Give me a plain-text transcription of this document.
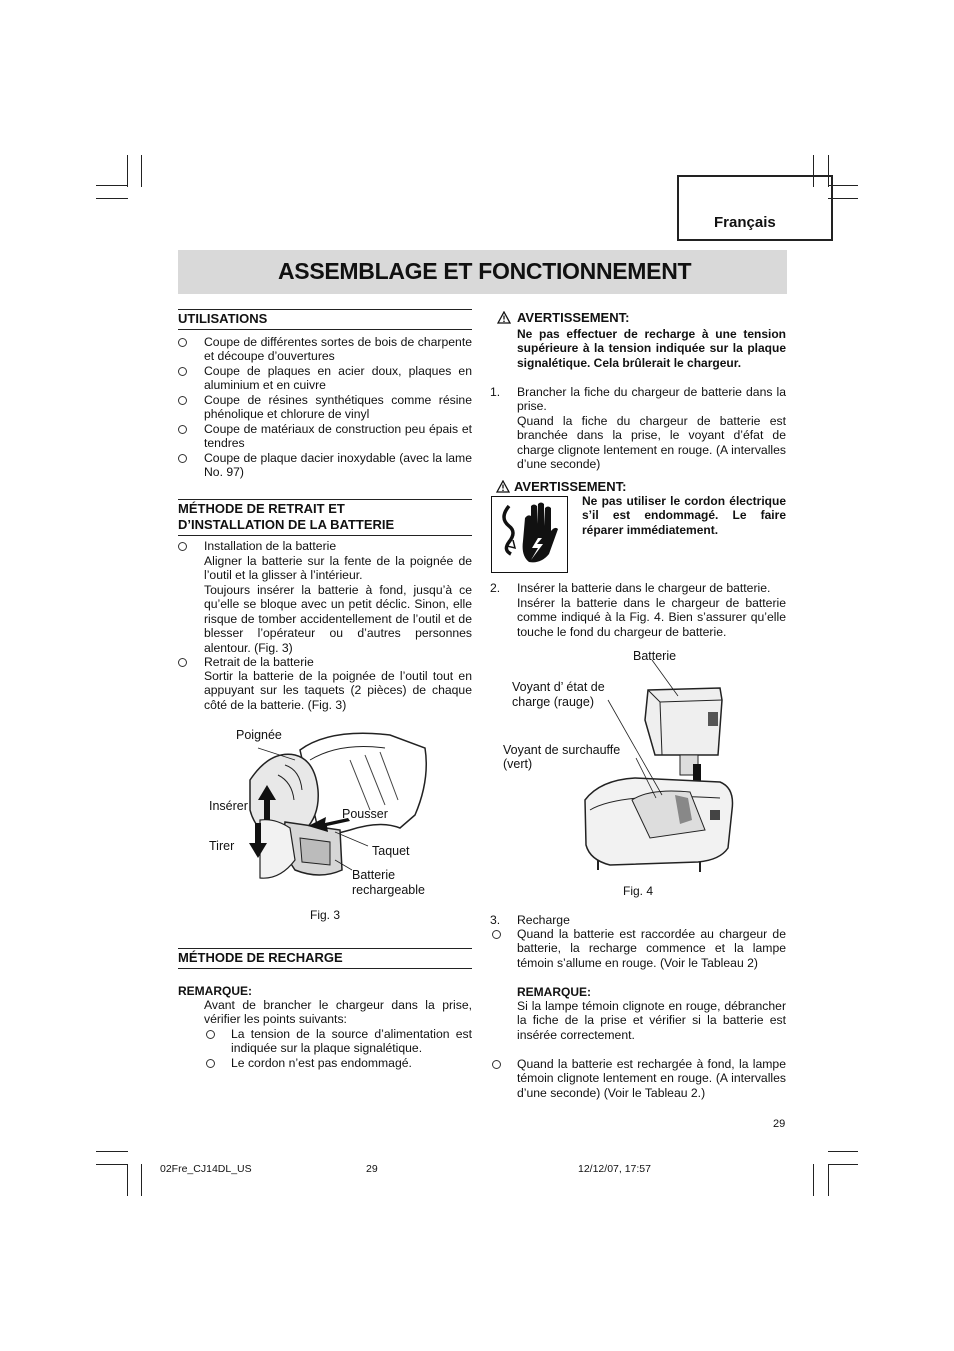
Français
ASSEMBLAGE ET FONCTIONNEMENT
UTILISATIONS
Coupe de différentes sortes de bois de charpente et découpe d’ouvertures
Coupe de plaques en acier doux, plaques en aluminium et en cuivre
Coupe de résines synthétiques comme résine phénolique et chlorure de vinyl
Coupe de matériaux de construction peu épais et tendres
Coupe de plaque dacier inoxydable (avec la lame No. 97)
MÉTHODE DE RETRAIT ET
D’INSTALLATION DE LA BATTERIE
Installation de la batterie
Aligner la batterie sur la fente de la poignée de l’outil et la glisser à l’intérieur.
Toujours insérer la batterie à fond, jusqu’à ce qu’elle se bloque avec un petit déclic. Sinon, elle risque de tomber accidentellement de l’outil et de blesser l’opérateur ou d’autres personnes alentour. (Fig. 3)
Retrait de la batterie
Sortir la batterie de la poignée de l’outil tout en appuyant sur les taquets (2 pièces) de chaque côté de la batterie. (Fig. 3)
Poignée
Insérer
Pousser
Tirer	Taquet
Batterie
rechargeable
Fig. 3
MÉTHODE DE RECHARGE
REMARQUE:
Avant de brancher le chargeur dans la prise, vérifier les points suivants:
La tension de la source d’alimentation est indiquée sur la plaque signalétique.
Le cordon n’est pas endommagé.
AVERTISSEMENT:
Ne pas effectuer de recharge à une tension supérieure à la tension indiquée sur la plaque signalétique. Cela brûlerait le chargeur.
1. Brancher la fiche du chargeur de batterie dans la prise.
Quand la fiche du chargeur de batterie est branchée dans la prise, le voyant d’éfat de charge clignote lentement en rouge. (A intervalles d’une seconde)
AVERTISSEMENT:
Ne pas utiliser le cordon électrique s’il est endommagé. Le faire réparer immédiatement.
2. Insérer la batterie dans le chargeur de batterie.
Insérer la batterie dans le chargeur de batterie comme indiqué à la Fig. 4. Bien s’assurer qu’elle touche le fond du chargeur de batterie.
Batterie
Voyant d’ état de
charge (rauge)
Voyant de surchauffe
(vert)
Fig. 4
3. Recharge
Quand la batterie est raccordée au chargeur de batterie, la recharge commence et la lampe témoin s’allume en rouge. (Voir le Tableau 2)
REMARQUE:
Si la lampe témoin clignote en rouge, débrancher la fiche de la prise et vérifier si la batterie est insérée correctement.
Quand la batterie est rechargée à fond, la lampe témoin clignote lentement en rouge. (A intervalles d’une seconde) (Voir le Tableau 2.)
29
02Fre_CJ14DL_US	29	12/12/07, 17:57
